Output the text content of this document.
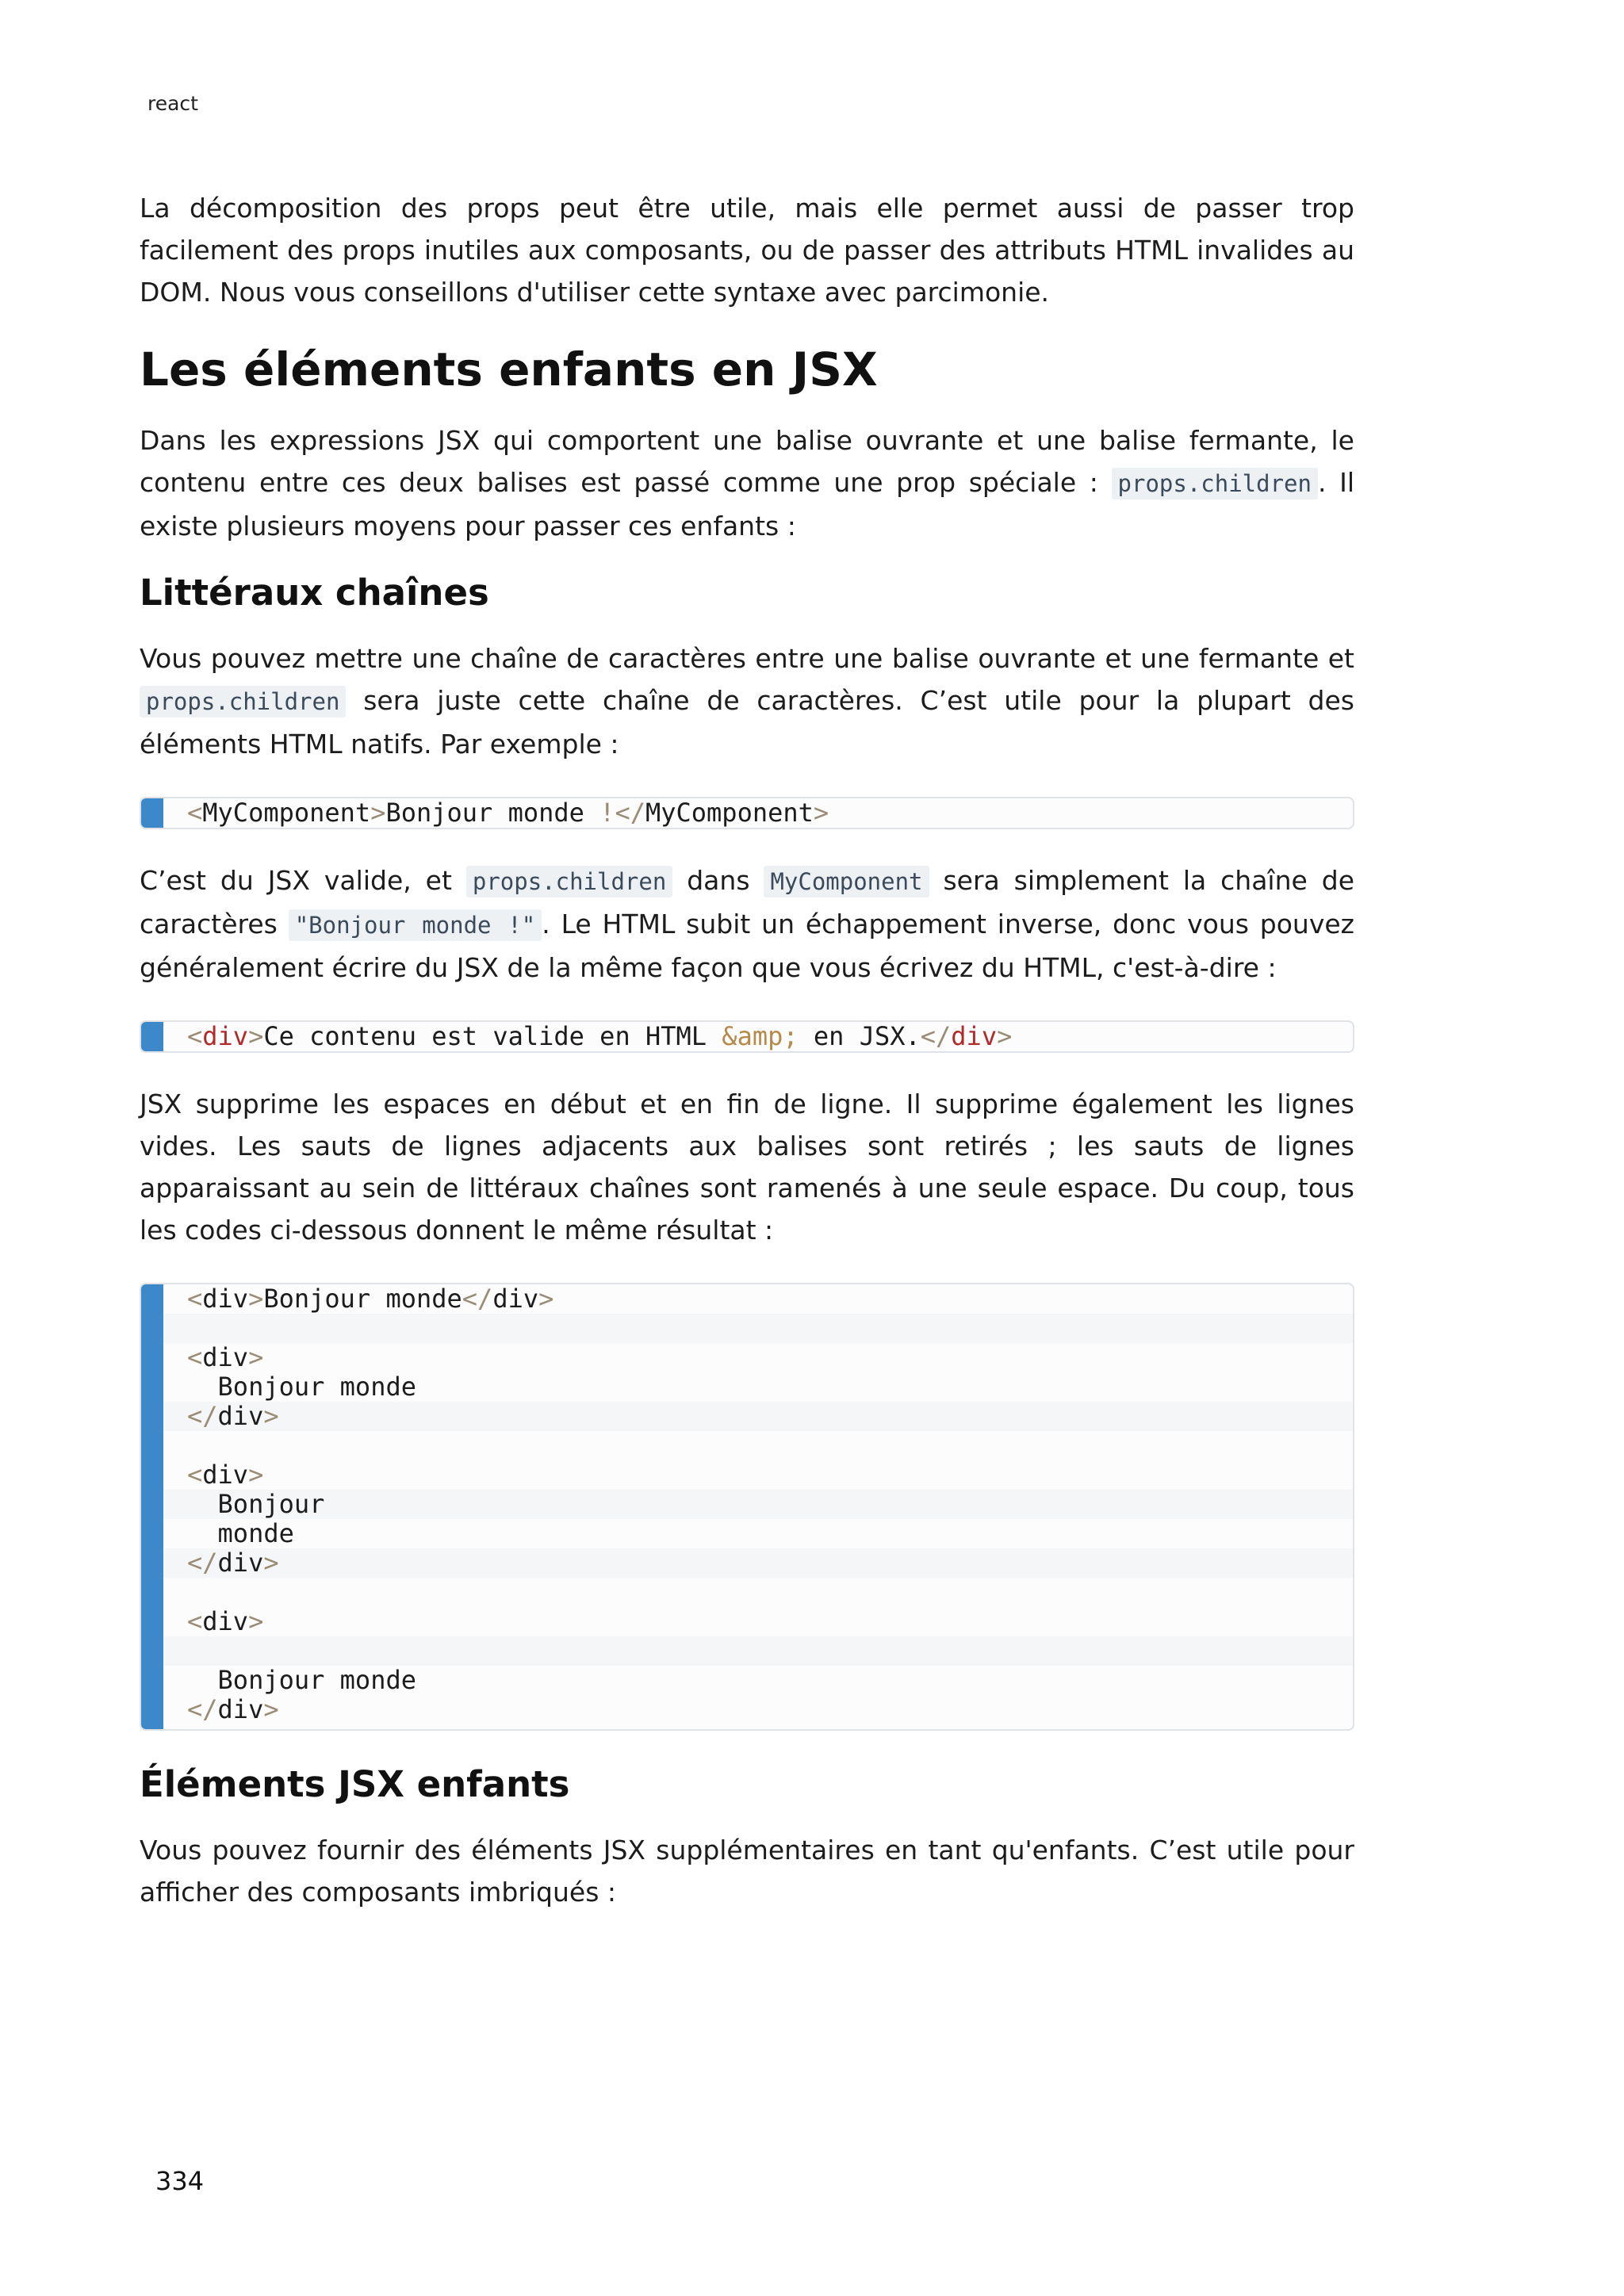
react

La décomposition des props peut être utile, mais elle permet aussi de passer trop facilement des props inutiles aux composants, ou de passer des attributs HTML invalides au DOM. Nous vous conseillons d'utiliser cette syntaxe avec parcimonie.

Les éléments enfants en JSX

Dans les expressions JSX qui comportent une balise ouvrante et une balise fermante, le contenu entre ces deux balises est passé comme une prop spéciale : props.children . Il existe plusieurs moyens pour passer ces enfants :

Littéraux chaînes

Vous pouvez mettre une chaîne de caractères entre une balise ouvrante et une fermante et props.children sera juste cette chaîne de caractères. C’est utile pour la plupart des éléments HTML natifs. Par exemple :

<MyComponent>Bonjour monde !</MyComponent>

C’est du JSX valide, et props.children dans MyComponent sera simplement la chaîne de caractères "Bonjour monde !" . Le HTML subit un échappement inverse, donc vous pouvez généralement écrire du JSX de la même façon que vous écrivez du HTML, c'est-à-dire :

<div>Ce contenu est valide en HTML &amp; en JSX.</div>

JSX supprime les espaces en début et en fin de ligne. Il supprime également les lignes vides. Les sauts de lignes adjacents aux balises sont retirés ; les sauts de lignes apparaissant au sein de littéraux chaînes sont ramenés à une seule espace. Du coup, tous les codes ci-dessous donnent le même résultat :

<div>Bonjour monde</div>
<div>
Bonjour monde
</div>
<div>
Bonjour
monde
</div>
<div>
Bonjour monde
</div>
Éléments JSX enfants

Vous pouvez fournir des éléments JSX supplémentaires en tant qu'enfants. C’est utile pour afficher des composants imbriqués :

334
